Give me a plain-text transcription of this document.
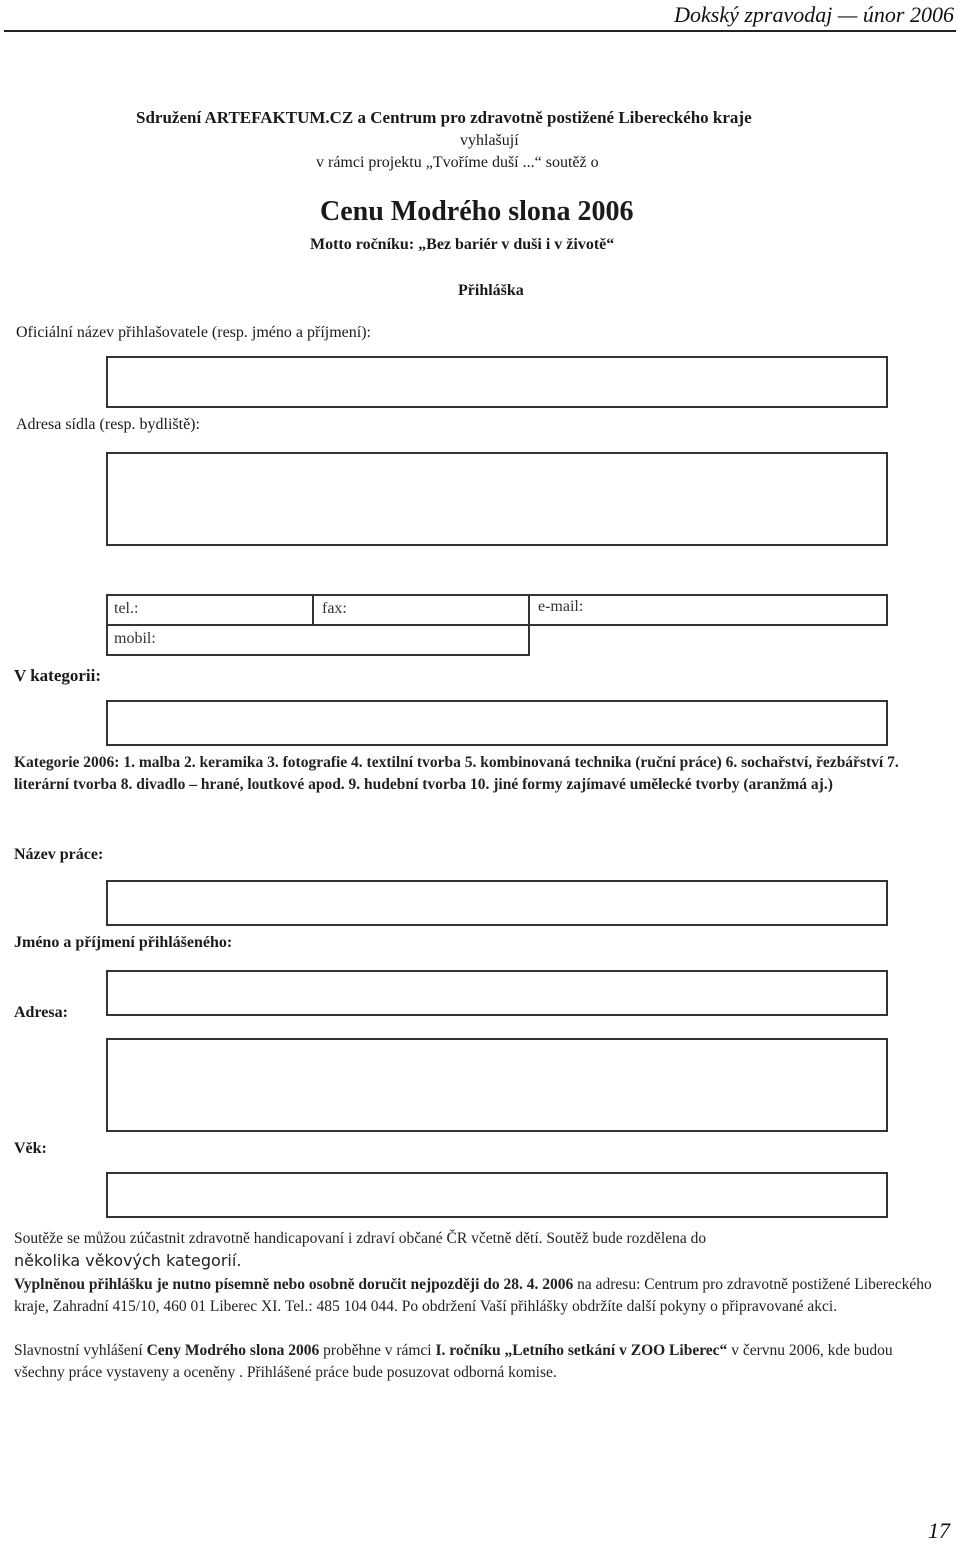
Dokský zpravodaj — únor 2006
Sdružení ARTEFAKTUM.CZ a Centrum pro zdravotně postižené Libereckého kraje
vyhlašují
v rámci projektu „Tvoříme duší ...“ soutěž o
Cenu Modrého slona 2006
Motto ročníku: „Bez bariér v duši i v životě“
Přihláška
Oficiální název přihlašovatele (resp. jméno a příjmení):
Adresa sídla (resp. bydliště):
tel.:	fax:	e-mail:
mobil:
V kategorii:
Kategorie 2006: 1. malba 2. keramika 3. fotografie 4. textilní tvorba 5. kombinovaná technika (ruční práce) 6. sochařství, řezbářství 7. literární tvorba 8. divadlo – hrané, loutkové apod. 9. hudební tvorba 10. jiné formy zajímavé umělecké tvorby (aranžmá aj.)
Název práce:
Jméno a příjmení přihlášeného:
Adresa:
Věk:
Soutěže se můžou zúčastnit zdravotně handicapovaní i zdraví občané ČR včetně dětí. Soutěž bude rozdělena do
několika věkových kategorií.
Vyplněnou přihlášku je nutno písemně nebo osobně doručit nejpozději do 28. 4. 2006 na adresu: Centrum pro zdravotně postižené Libereckého kraje, Zahradní 415/10, 460 01 Liberec XI. Tel.: 485 104 044. Po obdržení Vaší přihlášky obdržíte další pokyny o připravované akci.
Slavnostní vyhlášení Ceny Modrého slona 2006 proběhne v rámci I. ročníku „Letního setkání v ZOO Liberec“ v červnu 2006, kde budou všechny práce vystaveny a oceněny . Přihlášené práce bude posuzovat odborná komise.
17
